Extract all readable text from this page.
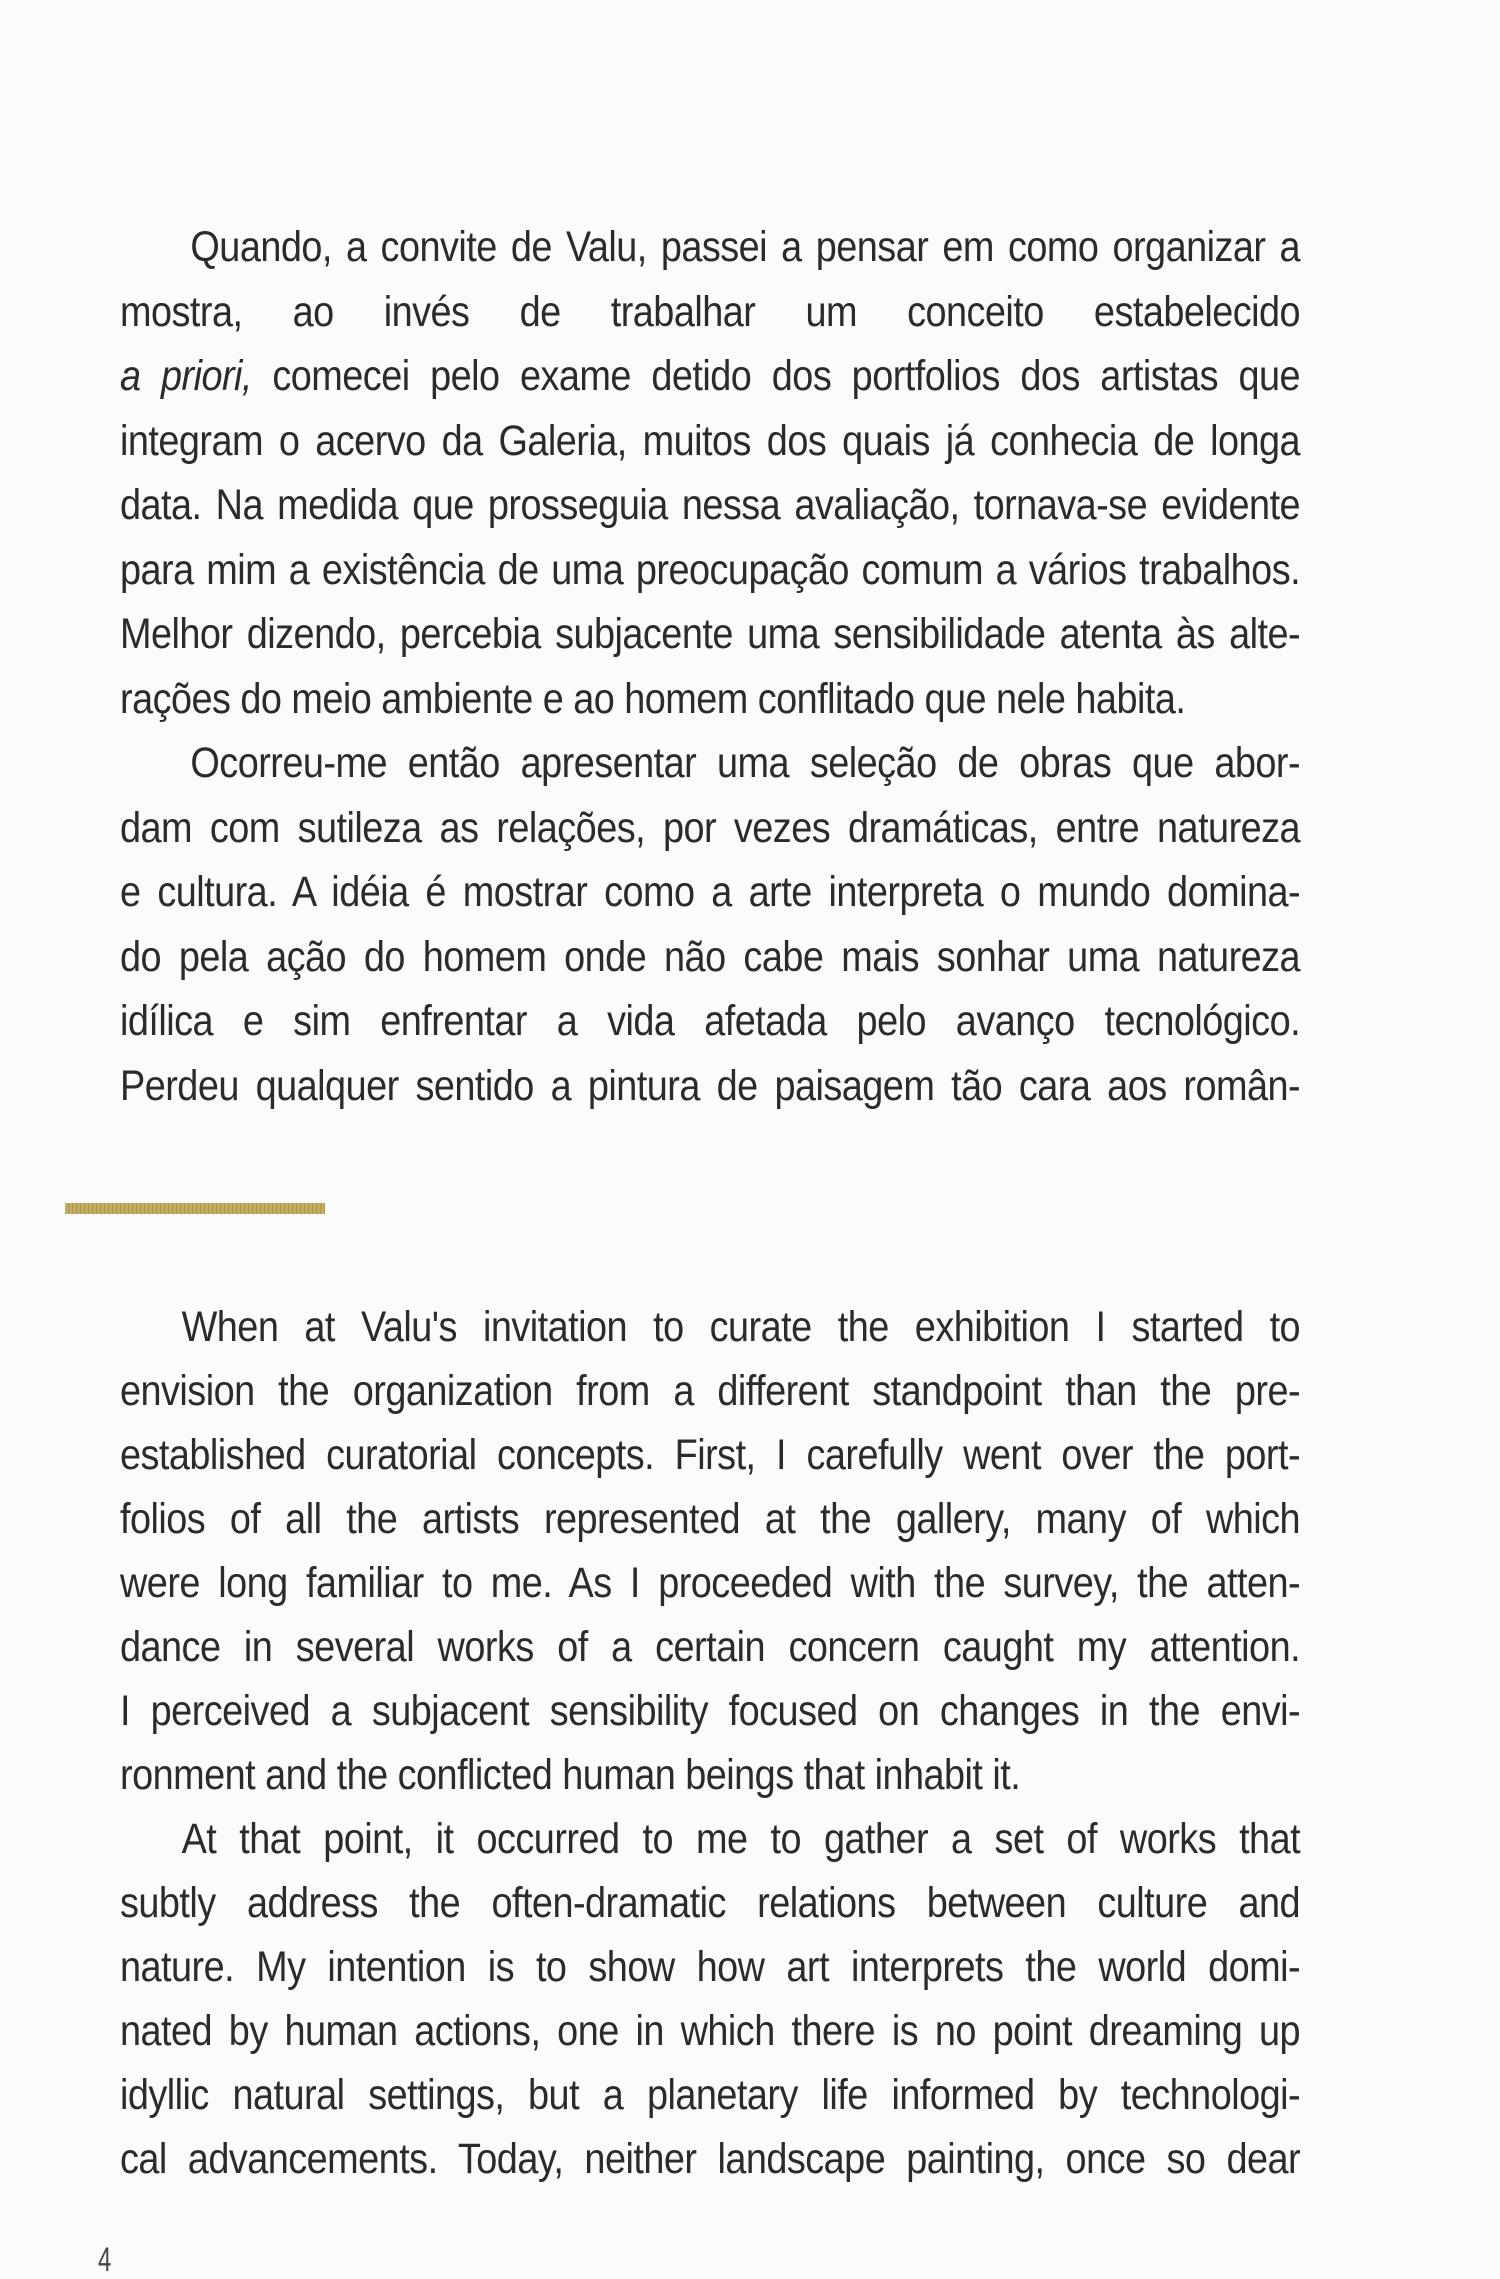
Quando, a convite de Valu, passei a pensar em como organizar a
mostra, ao invés de trabalhar um conceito estabelecido
a priori, comecei pelo exame detido dos portfolios dos artistas que
integram o acervo da Galeria, muitos dos quais já conhecia de longa
data. Na medida que prosseguia nessa avaliação, tornava-se evidente
para mim a existência de uma preocupação comum a vários trabalhos.
Melhor dizendo, percebia subjacente uma sensibilidade atenta às alte-
rações do meio ambiente e ao homem conflitado que nele habita.
Ocorreu-me então apresentar uma seleção de obras que abor-
dam com sutileza as relações, por vezes dramáticas, entre natureza
e cultura. A idéia é mostrar como a arte interpreta o mundo domina-
do pela ação do homem onde não cabe mais sonhar uma natureza
idílica e sim enfrentar a vida afetada pelo avanço tecnológico.
Perdeu qualquer sentido a pintura de paisagem tão cara aos român-
When at Valu's invitation to curate the exhibition I started to
envision the organization from a different standpoint than the pre-
established curatorial concepts. First, I carefully went over the port-
folios of all the artists represented at the gallery, many of which
were long familiar to me. As I proceeded with the survey, the atten-
dance in several works of a certain concern caught my attention.
I perceived a subjacent sensibility focused on changes in the envi-
ronment and the conflicted human beings that inhabit it.
At that point, it occurred to me to gather a set of works that
subtly address the often-dramatic relations between culture and
nature. My intention is to show how art interprets the world domi-
nated by human actions, one in which there is no point dreaming up
idyllic natural settings, but a planetary life informed by technologi-
cal advancements. Today, neither landscape painting, once so dear
4
